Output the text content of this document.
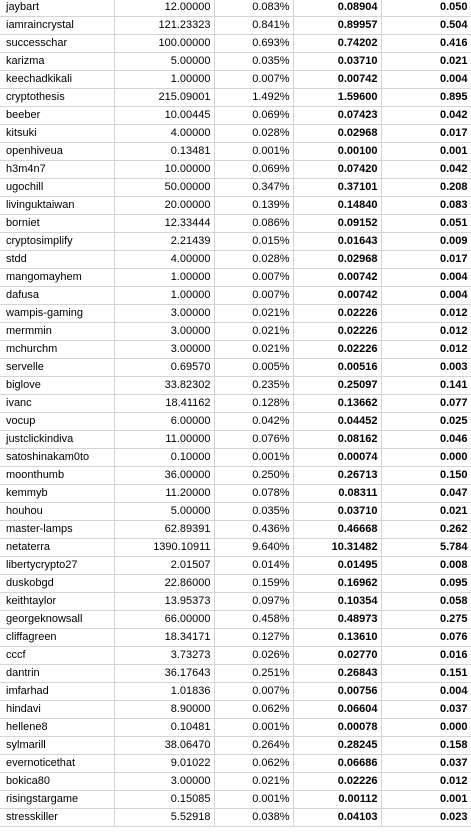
jaybart	12.00000	0.083%	0.08904	0.050
iamraincrystal	121.23323	0.841%	0.89957	0.504
successchar	100.00000	0.693%	0.74202	0.416
karizma	5.00000	0.035%	0.03710	0.021
keechadkikali	1.00000	0.007%	0.00742	0.004
cryptothesis	215.09001	1.492%	1.59600	0.895
beeber	10.00445	0.069%	0.07423	0.042
kitsuki	4.00000	0.028%	0.02968	0.017
openhiveua	0.13481	0.001%	0.00100	0.001
h3m4n7	10.00000	0.069%	0.07420	0.042
ugochill	50.00000	0.347%	0.37101	0.208
livinguktaiwan	20.00000	0.139%	0.14840	0.083
borniet	12.33444	0.086%	0.09152	0.051
cryptosimplify	2.21439	0.015%	0.01643	0.009
stdd	4.00000	0.028%	0.02968	0.017
mangomayhem	1.00000	0.007%	0.00742	0.004
dafusa	1.00000	0.007%	0.00742	0.004
wampis-gaming	3.00000	0.021%	0.02226	0.012
mermmin	3.00000	0.021%	0.02226	0.012
mchurchm	3.00000	0.021%	0.02226	0.012
servelle	0.69570	0.005%	0.00516	0.003
biglove	33.82302	0.235%	0.25097	0.141
ivanc	18.41162	0.128%	0.13662	0.077
vocup	6.00000	0.042%	0.04452	0.025
justclickindiva	11.00000	0.076%	0.08162	0.046
satoshinakam0to	0.10000	0.001%	0.00074	0.000
moonthumb	36.00000	0.250%	0.26713	0.150
kemmyb	11.20000	0.078%	0.08311	0.047
houhou	5.00000	0.035%	0.03710	0.021
master-lamps	62.89391	0.436%	0.46668	0.262
netaterra	1390.10911	9.640%	10.31482	5.784
libertycrypto27	2.01507	0.014%	0.01495	0.008
duskobgd	22.86000	0.159%	0.16962	0.095
keithtaylor	13.95373	0.097%	0.10354	0.058
georgeknowsall	66.00000	0.458%	0.48973	0.275
cliffagreen	18.34171	0.127%	0.13610	0.076
cccf	3.73273	0.026%	0.02770	0.016
dantrin	36.17643	0.251%	0.26843	0.151
imfarhad	1.01836	0.007%	0.00756	0.004
hindavi	8.90000	0.062%	0.06604	0.037
hellene8	0.10481	0.001%	0.00078	0.000
sylmarill	38.06470	0.264%	0.28245	0.158
evernoticethat	9.01022	0.062%	0.06686	0.037
bokica80	3.00000	0.021%	0.02226	0.012
risingstargame	0.15085	0.001%	0.00112	0.001
stresskiller	5.52918	0.038%	0.04103	0.023
